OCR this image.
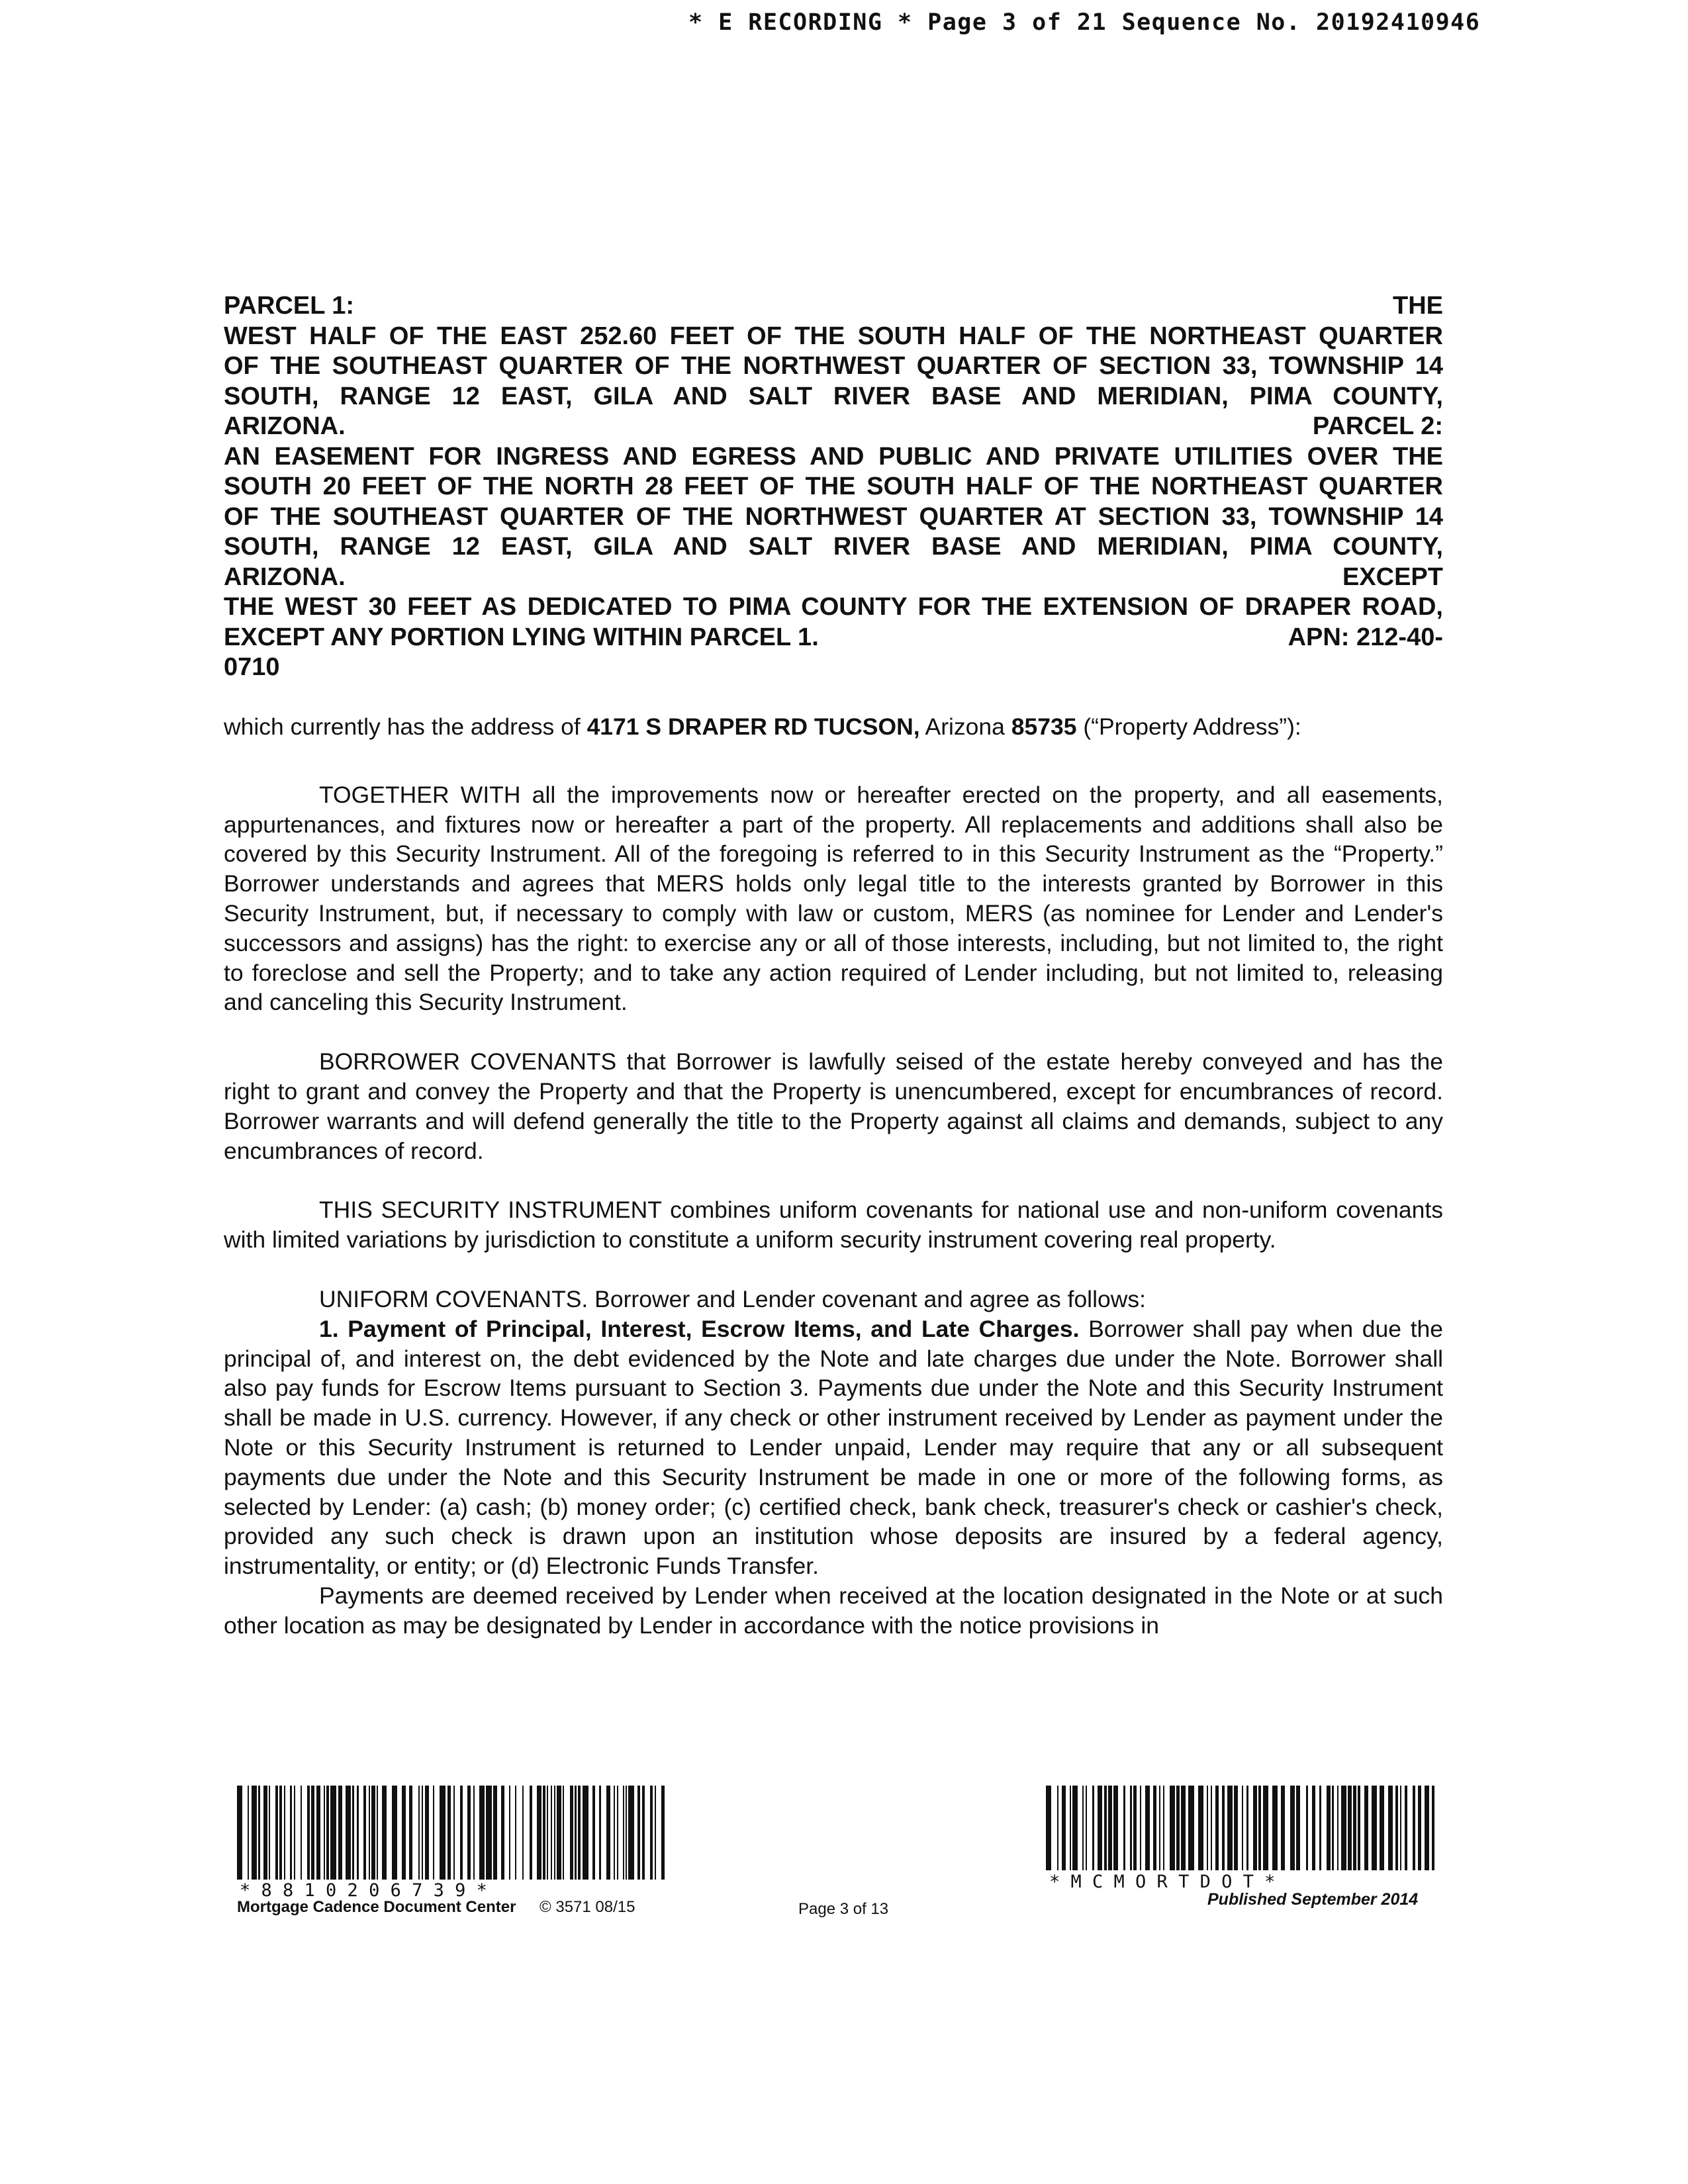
* E RECORDING * Page 3 of 21 Sequence No. 20192410946
PARCEL 1:	THE
WEST HALF OF THE EAST 252.60 FEET OF THE SOUTH HALF OF THE NORTHEAST QUARTER
OF THE SOUTHEAST QUARTER OF THE NORTHWEST QUARTER OF SECTION 33, TOWNSHIP 14
SOUTH, RANGE 12 EAST, GILA AND SALT RIVER BASE AND MERIDIAN, PIMA COUNTY,
ARIZONA.	PARCEL 2:
AN EASEMENT FOR INGRESS AND EGRESS AND PUBLIC AND PRIVATE UTILITIES OVER THE
SOUTH 20 FEET OF THE NORTH 28 FEET OF THE SOUTH HALF OF THE NORTHEAST QUARTER
OF THE SOUTHEAST QUARTER OF THE NORTHWEST QUARTER AT SECTION 33, TOWNSHIP 14
SOUTH, RANGE 12 EAST, GILA AND SALT RIVER BASE AND MERIDIAN, PIMA COUNTY,
ARIZONA.	EXCEPT
THE WEST 30 FEET AS DEDICATED TO PIMA COUNTY FOR THE EXTENSION OF DRAPER ROAD,
EXCEPT ANY PORTION LYING WITHIN PARCEL 1.	APN: 212-40-
0710

which currently has the address of 4171 S DRAPER RD TUCSON, Arizona 85735 (“Property Address”):

TOGETHER WITH all the improvements now or hereafter erected on the property, and all easements, appurtenances, and fixtures now or hereafter a part of the property. All replacements and additions shall also be covered by this Security Instrument. All of the foregoing is referred to in this Security Instrument as the “Property.” Borrower understands and agrees that MERS holds only legal title to the interests granted by Borrower in this Security Instrument, but, if necessary to comply with law or custom, MERS (as nominee for Lender and Lender's successors and assigns) has the right: to exercise any or all of those interests, including, but not limited to, the right to foreclose and sell the Property; and to take any action required of Lender including, but not limited to, releasing and canceling this Security Instrument.

BORROWER COVENANTS that Borrower is lawfully seised of the estate hereby conveyed and has the right to grant and convey the Property and that the Property is unencumbered, except for encumbrances of record. Borrower warrants and will defend generally the title to the Property against all claims and demands, subject to any encumbrances of record.

THIS SECURITY INSTRUMENT combines uniform covenants for national use and non-uniform covenants with limited variations by jurisdiction to constitute a uniform security instrument covering real property.

UNIFORM COVENANTS. Borrower and Lender covenant and agree as follows:

1. Payment of Principal, Interest, Escrow Items, and Late Charges. Borrower shall pay when due the principal of, and interest on, the debt evidenced by the Note and late charges due under the Note. Borrower shall also pay funds for Escrow Items pursuant to Section 3. Payments due under the Note and this Security Instrument shall be made in U.S. currency. However, if any check or other instrument received by Lender as payment under the Note or this Security Instrument is returned to Lender unpaid, Lender may require that any or all subsequent payments due under the Note and this Security Instrument be made in one or more of the following forms, as selected by Lender: (a) cash; (b) money order; (c) certified check, bank check, treasurer's check or cashier's check, provided any such check is drawn upon an institution whose deposits are insured by a federal agency, instrumentality, or entity; or (d) Electronic Funds Transfer.

Payments are deemed received by Lender when received at the location designated in the Note or at such other location as may be designated by Lender in accordance with the notice provisions in

* 8 8 1 0 2 0 6 7 3 9 *
Mortgage Cadence Document Center © 3571 08/15	Page 3 of 13
* M C M O R T D O T *
Published September 2014
